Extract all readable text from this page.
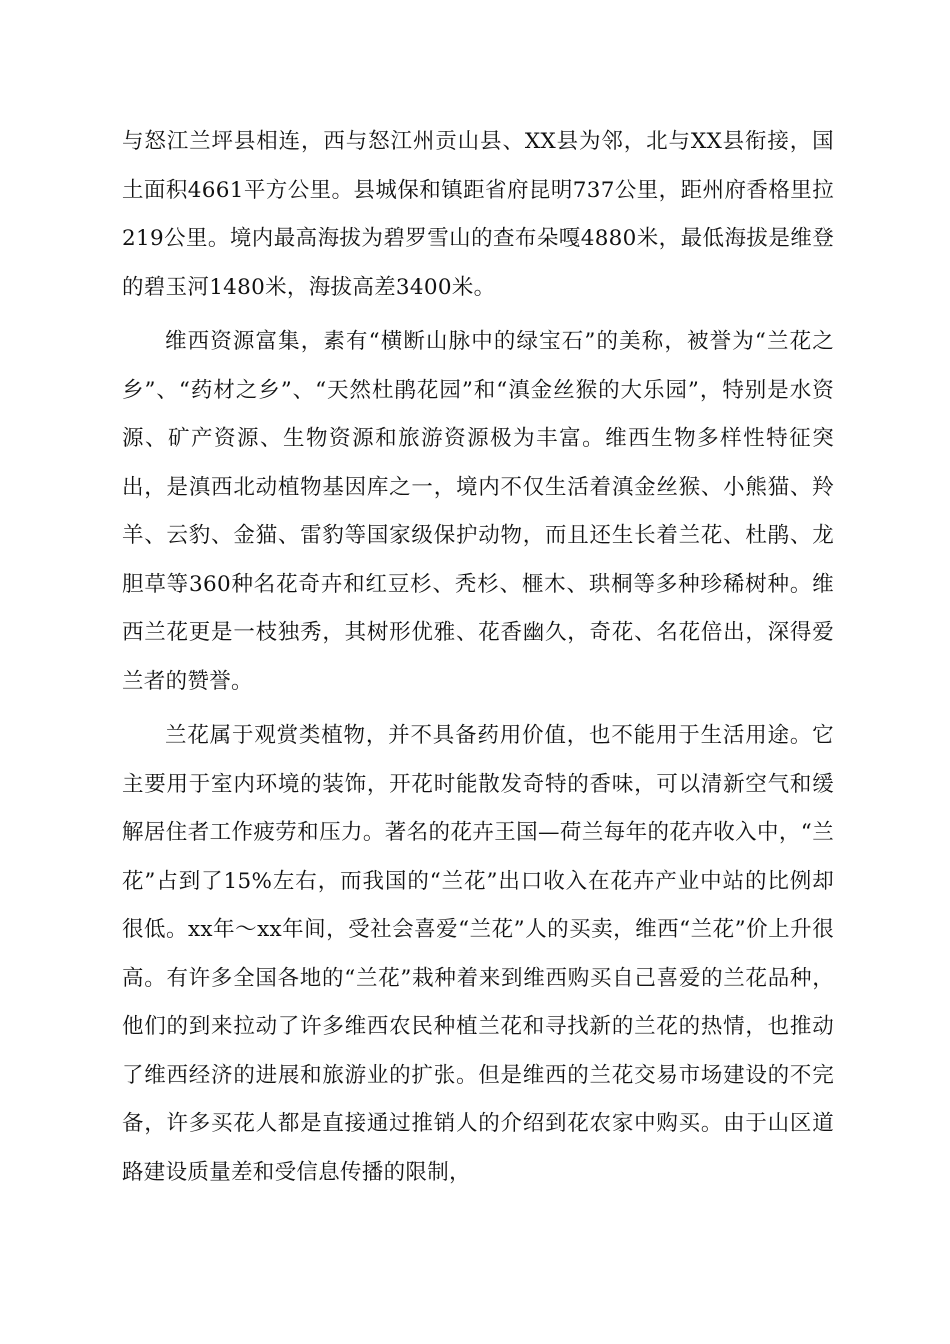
与怒江兰坪县相连，西与怒江州贡山县、XX县为邻，北与XX县衔接，国土面积4661平方公里。县城保和镇距省府昆明737公里，距州府香格里拉219公里。境内最高海拔为碧罗雪山的查布朵嘎4880米，最低海拔是维登的碧玉河1480米，海拔高差3400米。

维西资源富集，素有“横断山脉中的绿宝石”的美称，被誉为“兰花之乡”、“药材之乡”、“天然杜鹃花园”和“滇金丝猴的大乐园”，特别是水资源、矿产资源、生物资源和旅游资源极为丰富。维西生物多样性特征突出，是滇西北动植物基因库之一，境内不仅生活着滇金丝猴、小熊猫、羚羊、云豹、金猫、雷豹等国家级保护动物，而且还生长着兰花、杜鹃、龙胆草等360种名花奇卉和红豆杉、秃杉、榧木、珙桐等多种珍稀树种。维西兰花更是一枝独秀，其树形优雅、花香幽久，奇花、名花倍出，深得爱兰者的赞誉。

兰花属于观赏类植物，并不具备药用价值，也不能用于生活用途。它主要用于室内环境的装饰，开花时能散发奇特的香味，可以清新空气和缓解居住者工作疲劳和压力。著名的花卉王国—荷兰每年的花卉收入中，“兰花”占到了15%左右，而我国的“兰花”出口收入在花卉产业中站的比例却很低。xx年～xx年间，受社会喜爱“兰花”人的买卖，维西“兰花”价上升很高。有许多全国各地的“兰花”栽种着来到维西购买自己喜爱的兰花品种，他们的到来拉动了许多维西农民种植兰花和寻找新的兰花的热情，也推动了维西经济的进展和旅游业的扩张。但是维西的兰花交易市场建设的不完备，许多买花人都是直接通过推销人的介绍到花农家中购买。由于山区道路建设质量差和受信息传播的限制，
